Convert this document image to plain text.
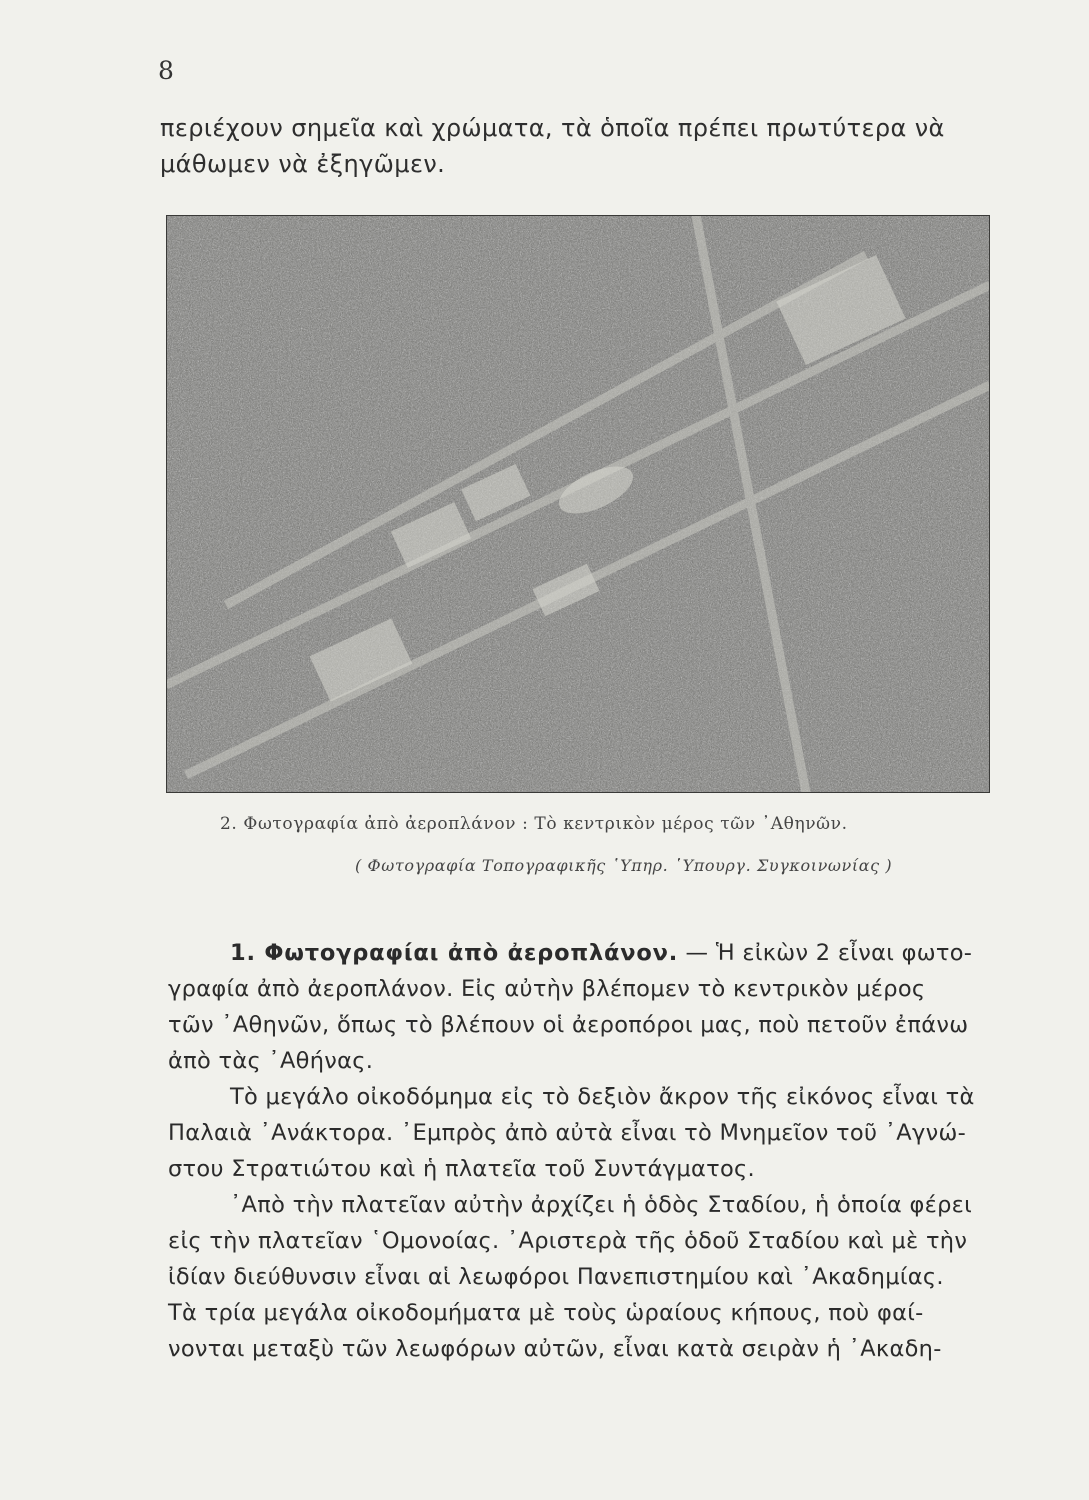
8

περιέχουν σημεῖα καὶ χρώματα, τὰ ὁποῖα πρέπει πρωτύτερα νὰ

μάθωμεν νὰ ἐξηγῶμεν.

2. Φωτογραφία ἀπὸ ἀεροπλάνον : Τὸ κεντρικὸν μέρος τῶν ᾿Αθηνῶν.
( Φωτογραφία Τοπογραφικῆς ῾Υπηρ. ῾Υπουργ. Συγκοινωνίας )

1. Φωτογραφίαι ἀπὸ ἀεροπλάνον. — Ἡ εἰκὼν 2 εἶναι φωτο-

γραφία ἀπὸ ἀεροπλάνον. Εἰς αὐτὴν βλέπομεν τὸ κεντρικὸν μέρος

τῶν ᾿Αθηνῶν, ὅπως τὸ βλέπουν οἱ ἀεροπόροι μας, ποὺ πετοῦν ἐπάνω

ἀπὸ τὰς ᾿Αθήνας.

Τὸ μεγάλο οἰκοδόμημα εἰς τὸ δεξιὸν ἄκρον τῆς εἰκόνος εἶναι τὰ

Παλαιὰ ᾿Ανάκτορα. ᾿Εμπρὸς ἀπὸ αὐτὰ εἶναι τὸ Μνημεῖον τοῦ ᾿Αγνώ-

στου Στρατιώτου καὶ ἡ πλατεῖα τοῦ Συντάγματος.

᾿Απὸ τὴν πλατεῖαν αὐτὴν ἀρχίζει ἡ ὁδὸς Σταδίου, ἡ ὁποία φέρει

εἰς τὴν πλατεῖαν ῾Ομονοίας. ᾿Αριστερὰ τῆς ὁδοῦ Σταδίου καὶ μὲ τὴν

ἰδίαν διεύθυνσιν εἶναι αἱ λεωφόροι Πανεπιστημίου καὶ ᾿Ακαδημίας.

Τὰ τρία μεγάλα οἰκοδομήματα μὲ τοὺς ὡραίους κήπους, ποὺ φαί-

νονται μεταξὺ τῶν λεωφόρων αὐτῶν, εἶναι κατὰ σειρὰν ἡ ᾿Ακαδη-
